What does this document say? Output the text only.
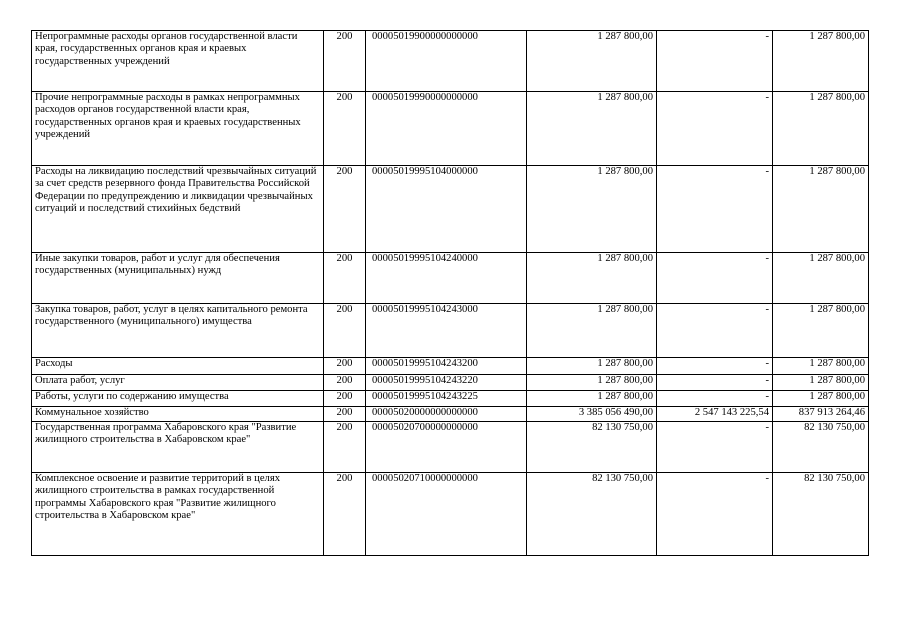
Непрограммные расходы органов государственной власти края, государственных органов края и краевых государственных учреждений	200	00005019900000000000	1 287 800,00	-	1 287 800,00
Прочие непрограммные расходы в рамках непрограммных расходов органов государственной власти края, государственных органов края и краевых государственных учреждений	200	00005019990000000000	1 287 800,00	-	1 287 800,00
Расходы на ликвидацию последствий чрезвычайных ситуаций за счет средств резервного фонда Правительства Российской Федерации по предупреждению и ликвидации чрезвычайных ситуаций и последствий стихийных бедствий	200	00005019995104000000	1 287 800,00	-	1 287 800,00
Иные закупки товаров, работ и услуг для обеспечения государственных (муниципальных) нужд	200	00005019995104240000	1 287 800,00	-	1 287 800,00
Закупка товаров, работ, услуг в целях капитального ремонта государственного (муниципального) имущества	200	00005019995104243000	1 287 800,00	-	1 287 800,00
Расходы	200	00005019995104243200	1 287 800,00	-	1 287 800,00
Оплата работ, услуг	200	00005019995104243220	1 287 800,00	-	1 287 800,00
Работы, услуги по содержанию имущества	200	00005019995104243225	1 287 800,00	-	1 287 800,00
Коммунальное хозяйство	200	00005020000000000000	3 385 056 490,00	2 547 143 225,54	837 913 264,46
Государственная программа Хабаровского края "Развитие жилищного строительства в Хабаровском крае"	200	00005020700000000000	82 130 750,00	-	82 130 750,00
Комплексное освоение и развитие территорий в целях жилищного строительства в рамках государственной программы Хабаровского края "Развитие жилищного строительства в Хабаровском крае"	200	00005020710000000000	82 130 750,00	-	82 130 750,00
